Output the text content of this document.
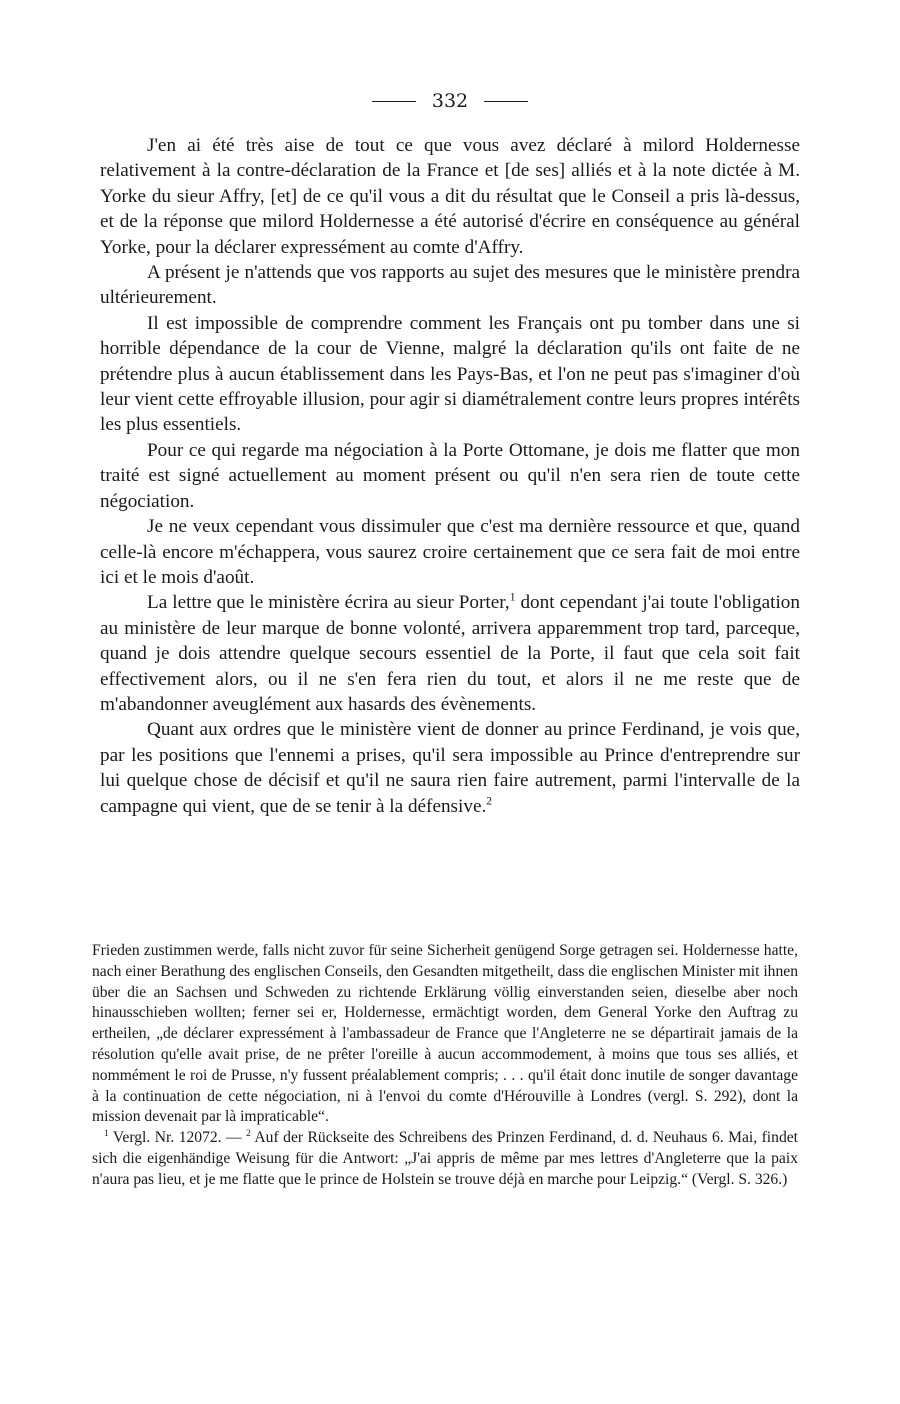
332

J'en ai été très aise de tout ce que vous avez déclaré à milord Holdernesse relativement à la contre-déclaration de la France et [de ses] alliés et à la note dictée à M. Yorke du sieur Affry, [et] de ce qu'il vous a dit du résultat que le Conseil a pris là-dessus, et de la réponse que milord Holdernesse a été autorisé d'écrire en conséquence au général Yorke, pour la déclarer expressément au comte d'Affry.

A présent je n'attends que vos rapports au sujet des mesures que le ministère prendra ultérieurement.

Il est impossible de comprendre comment les Français ont pu tomber dans une si horrible dépendance de la cour de Vienne, malgré la déclaration qu'ils ont faite de ne prétendre plus à aucun établissement dans les Pays-Bas, et l'on ne peut pas s'imaginer d'où leur vient cette effroyable illusion, pour agir si diamétralement contre leurs propres intérêts les plus essentiels.

Pour ce qui regarde ma négociation à la Porte Ottomane, je dois me flatter que mon traité est signé actuellement au moment présent ou qu'il n'en sera rien de toute cette négociation.

Je ne veux cependant vous dissimuler que c'est ma dernière ressource et que, quand celle-là encore m'échappera, vous saurez croire certainement que ce sera fait de moi entre ici et le mois d'août.

La lettre que le ministère écrira au sieur Porter,$^1$ dont cependant j'ai toute l'obligation au ministère de leur marque de bonne volonté, arrivera apparemment trop tard, parceque, quand je dois attendre quelque secours essentiel de la Porte, il faut que cela soit fait effectivement alors, ou il ne s'en fera rien du tout, et alors il ne me reste que de m'abandonner aveuglément aux hasards des évènements.

Quant aux ordres que le ministère vient de donner au prince Ferdinand, je vois que, par les positions que l'ennemi a prises, qu'il sera impossible au Prince d'entreprendre sur lui quelque chose de décisif et qu'il ne saura rien faire autrement, parmi l'intervalle de la campagne qui vient, que de se tenir à la défensive.$^2$

Frieden zustimmen werde, falls nicht zuvor für seine Sicherheit genügend Sorge getragen sei. Holdernesse hatte, nach einer Berathung des englischen Conseils, den Gesandten mitgetheilt, dass die englischen Minister mit ihnen über die an Sachsen und Schweden zu richtende Erklärung völlig einverstanden seien, dieselbe aber noch hinausschieben wollten; ferner sei er, Holdernesse, ermächtigt worden, dem General Yorke den Auftrag zu ertheilen, „de déclarer expressément à l'ambassadeur de France que l'Angleterre ne se départirait jamais de la résolution qu'elle avait prise, de ne prêter l'oreille à aucun accommodement, à moins que tous ses alliés, et nommément le roi de Prusse, n'y fussent préalablement compris; . . . qu'il était donc inutile de songer davantage à la continuation de cette négociation, ni à l'envoi du comte d'Hérouville à Londres (vergl. S. 292), dont la mission devenait par là impraticable“.

$^1$ Vergl. Nr. 12072. — $^2$ Auf der Rückseite des Schreibens des Prinzen Ferdinand, d. d. Neuhaus 6. Mai, findet sich die eigenhändige Weisung für die Antwort: „J'ai appris de même par mes lettres d'Angleterre que la paix n'aura pas lieu, et je me flatte que le prince de Holstein se trouve déjà en marche pour Leipzig.“ (Vergl. S. 326.)
